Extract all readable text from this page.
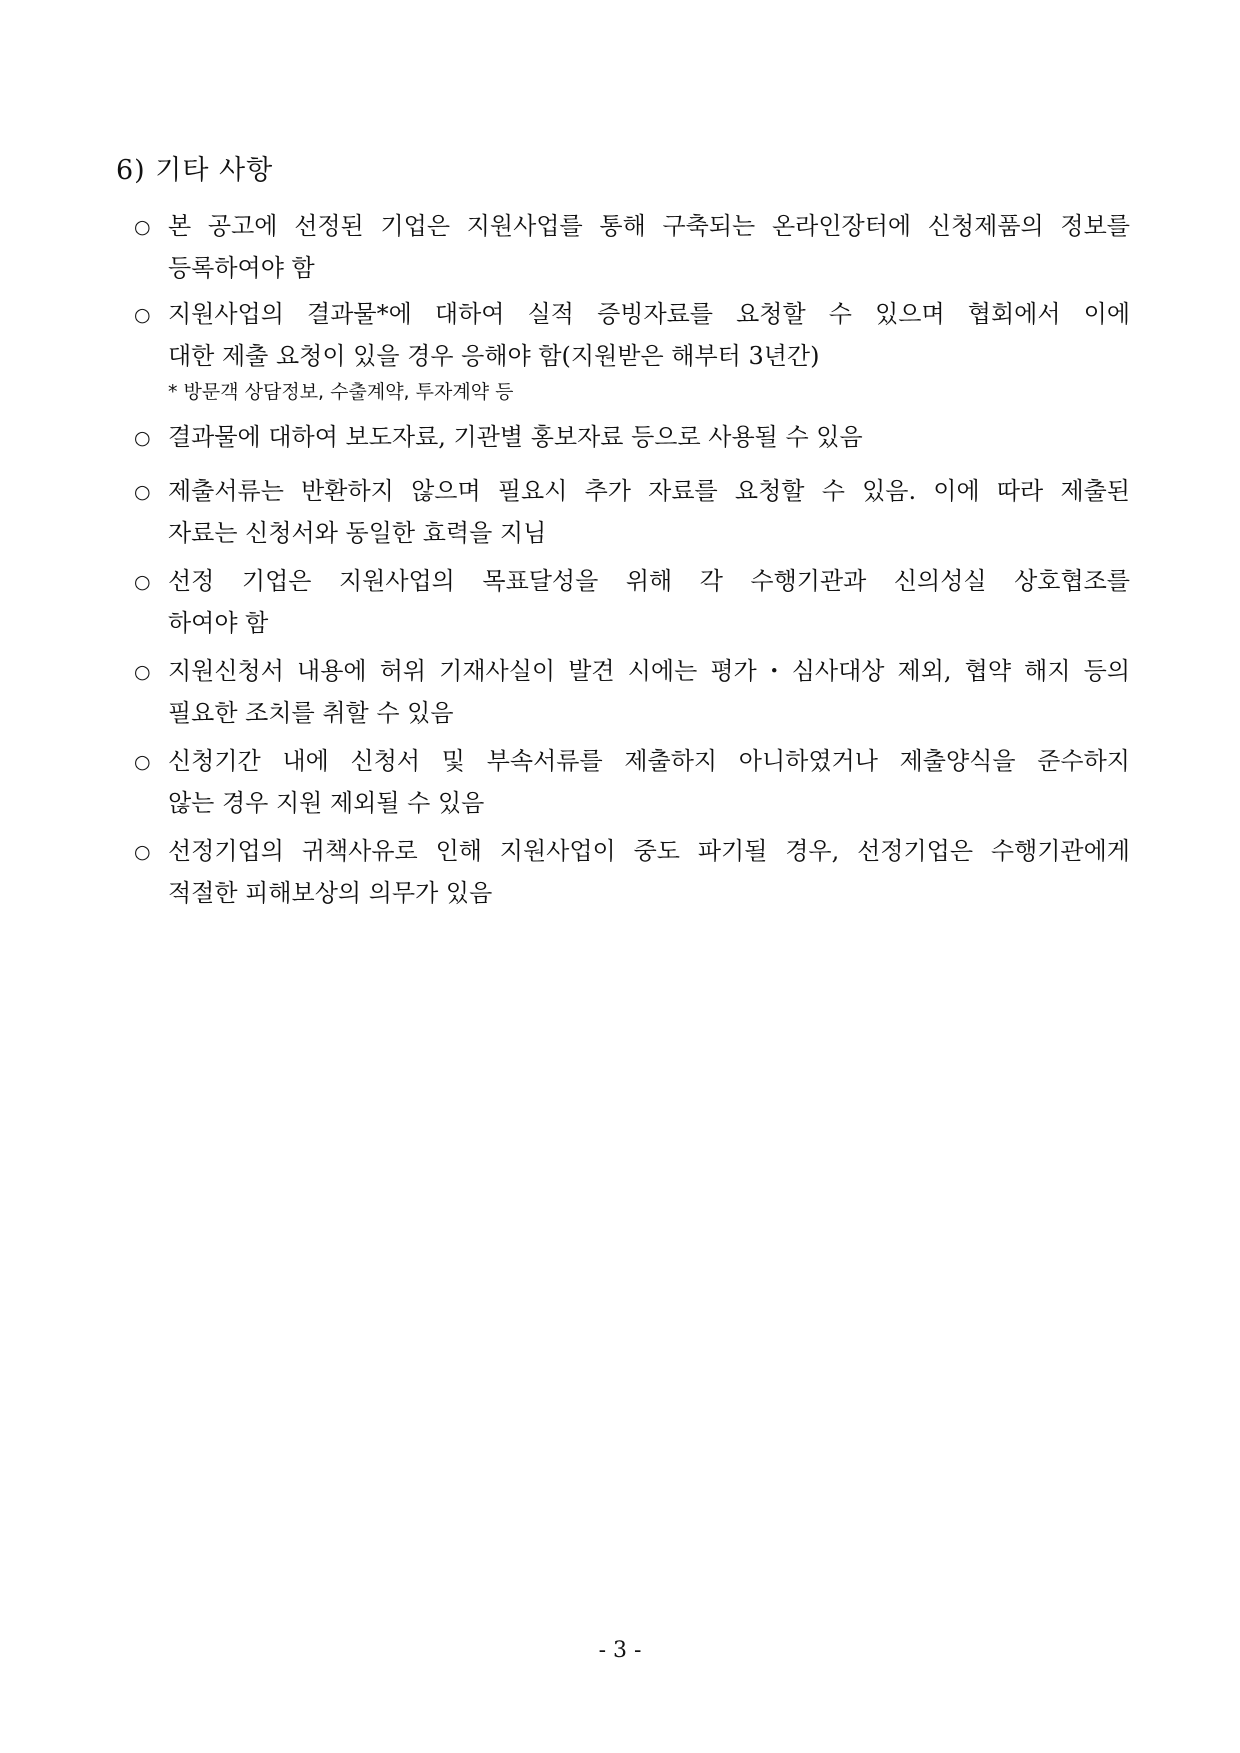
6) 기타 사항
○ 본 공고에 선정된 기업은 지원사업를 통해 구축되는 온라인장터에 신청제품의 정보를
등록하여야 함
○ 지원사업의 결과물*에 대하여 실적 증빙자료를 요청할 수 있으며 협회에서 이에
대한 제출 요청이 있을 경우 응해야 함(지원받은 해부터 3년간)
* 방문객 상담정보, 수출계약, 투자계약 등
○ 결과물에 대하여 보도자료, 기관별 홍보자료 등으로 사용될 수 있음
○ 제출서류는 반환하지 않으며 필요시 추가 자료를 요청할 수 있음. 이에 따라 제출된
자료는 신청서와 동일한 효력을 지님
○ 선정 기업은 지원사업의 목표달성을 위해 각 수행기관과 신의성실 상호협조를
하여야 함
○ 지원신청서 내용에 허위 기재사실이 발견 시에는 평가・심사대상 제외, 협약 해지 등의
필요한 조치를 취할 수 있음
○ 신청기간 내에 신청서 및 부속서류를 제출하지 아니하였거나 제출양식을 준수하지
않는 경우 지원 제외될 수 있음
○ 선정기업의 귀책사유로 인해 지원사업이 중도 파기될 경우, 선정기업은 수행기관에게
적절한 피해보상의 의무가 있음
- 3 -
